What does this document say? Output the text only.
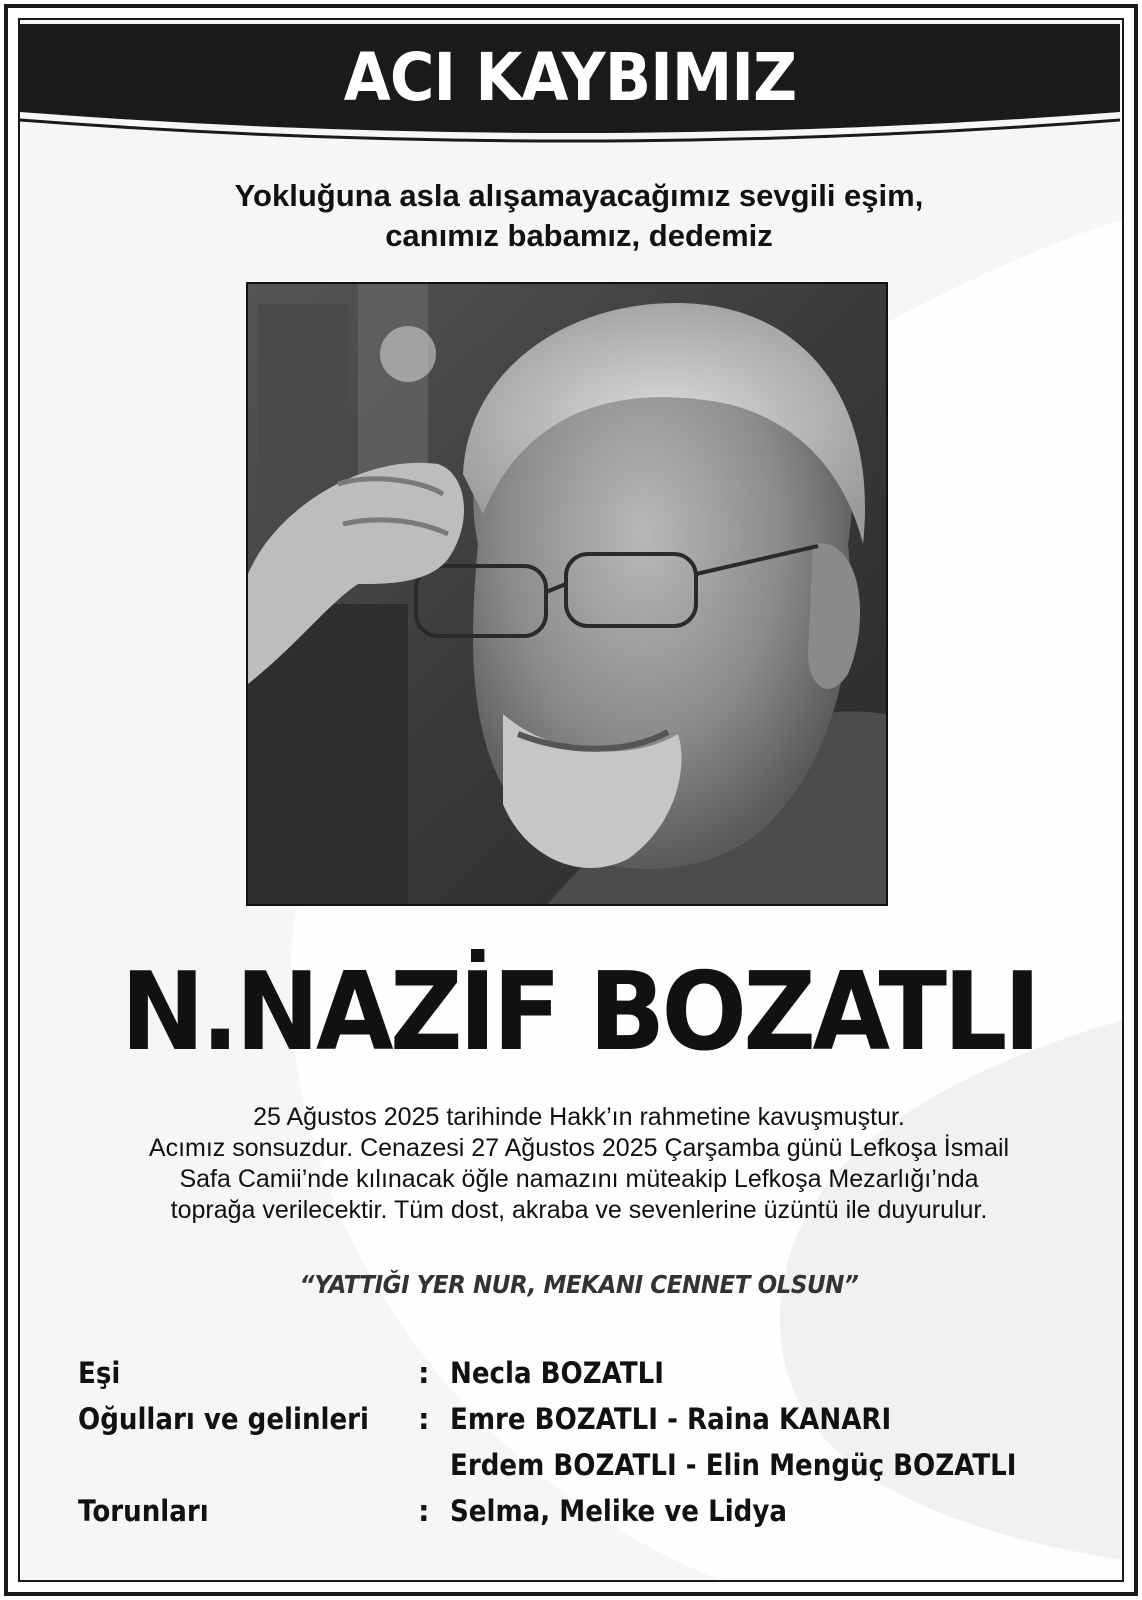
ACI KAYBIMIZ
Yokluğuna asla alışamayacağımız sevgili eşim,
canımız babamız, dedemiz
N.NAZİF BOZATLI
25 Ağustos 2025 tarihinde Hakk’ın rahmetine kavuşmuştur.
Acımız sonsuzdur. Cenazesi 27 Ağustos 2025 Çarşamba günü Lefkoşa İsmail
Safa Camii’nde kılınacak öğle namazını müteakip Lefkoşa Mezarlığı’nda
toprağa verilecektir. Tüm dost, akraba ve sevenlerine üzüntü ile duyurulur.
“YATTIĞI YER NUR, MEKANI CENNET OLSUN”
Eşi	: Necla BOZATLI
Oğulları ve gelinleri : Emre BOZATLI - Raina KANARI
Erdem BOZATLI - Elin Mengüç BOZATLI
Torunları	: Selma, Melike ve Lidya
